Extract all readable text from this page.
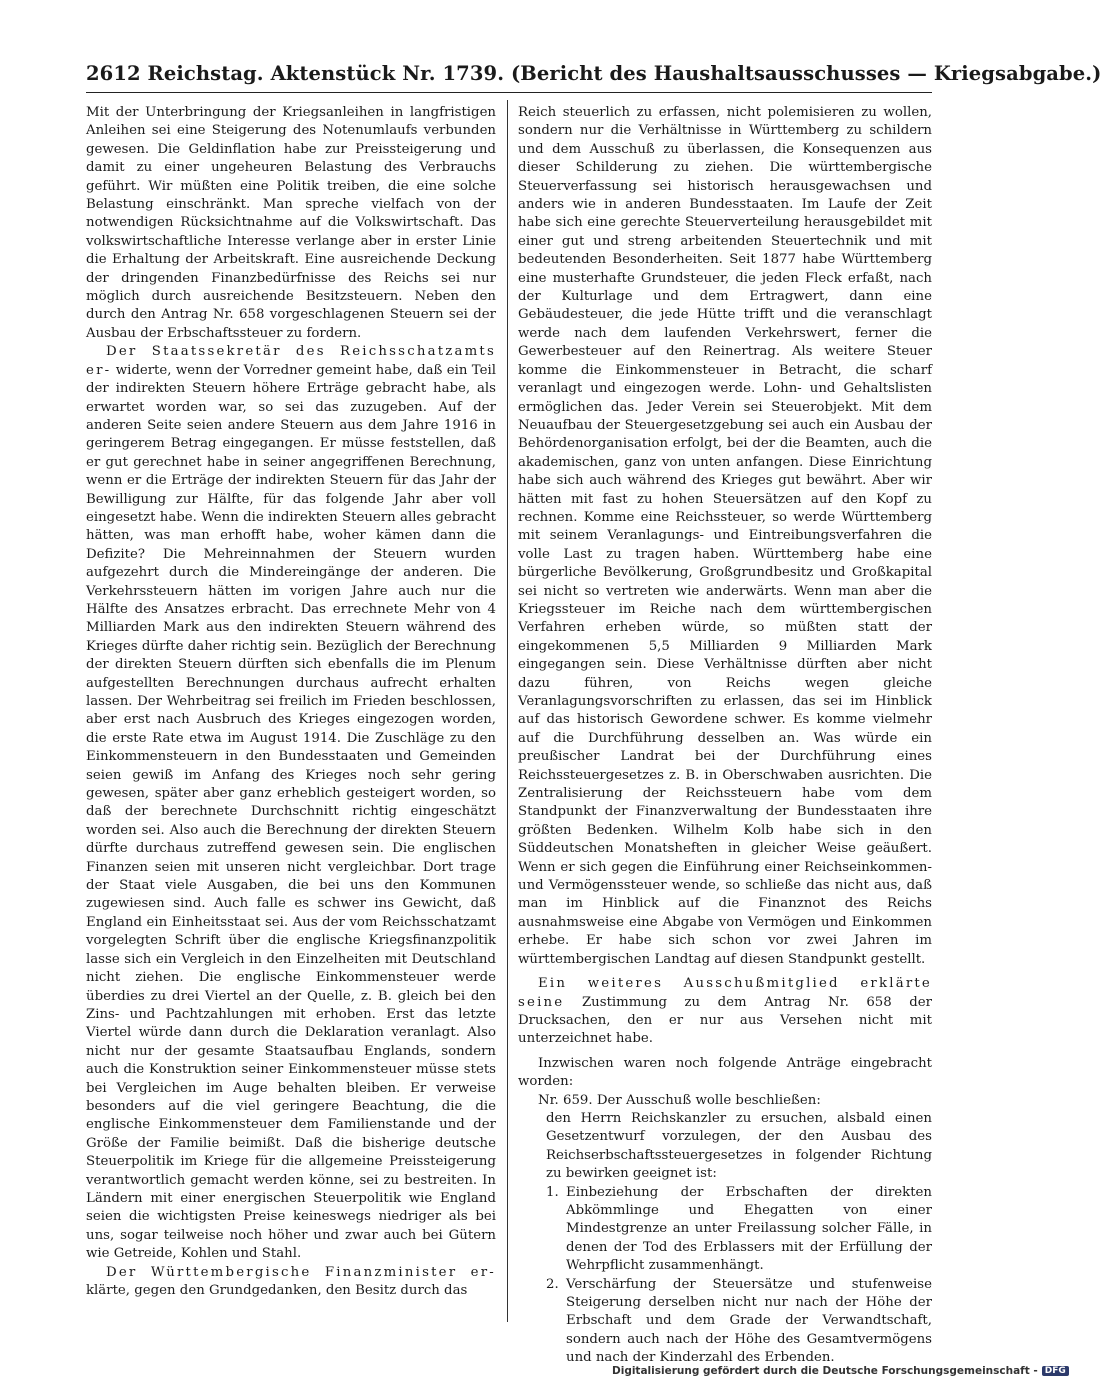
2612 Reichstag. Aktenstück Nr. 1739. (Bericht des Haushaltsausschusses — Kriegsabgabe.)

Mit der Unterbringung der Kriegsanleihen in langfristigen Anleihen sei eine Steigerung des Notenumlaufs verbunden gewesen. Die Geldinflation habe zur Preissteigerung und damit zu einer ungeheuren Belastung des Verbrauchs geführt. Wir müßten eine Politik treiben, die eine solche Belastung einschränkt. Man spreche vielfach von der notwendigen Rücksichtnahme auf die Volkswirtschaft. Das volkswirtschaftliche Interesse verlange aber in erster Linie die Erhaltung der Arbeitskraft. Eine ausreichende Deckung der dringenden Finanzbedürfnisse des Reichs sei nur möglich durch ausreichende Besitzsteuern. Neben den durch den Antrag Nr. 658 vorgeschlagenen Steuern sei der Ausbau der Erbschaftssteuer zu fordern.

Der Staatssekretär des Reichsschatzamts er- widerte, wenn der Vorredner gemeint habe, daß ein Teil der indirekten Steuern höhere Erträge gebracht habe, als erwartet worden war, so sei das zuzugeben. Auf der anderen Seite seien andere Steuern aus dem Jahre 1916 in geringerem Betrag eingegangen. Er müsse feststellen, daß er gut gerechnet habe in seiner angegriffenen Berechnung, wenn er die Erträge der indirekten Steuern für das Jahr der Bewilligung zur Hälfte, für das folgende Jahr aber voll eingesetzt habe. Wenn die indirekten Steuern alles gebracht hätten, was man erhofft habe, woher kämen dann die Defizite? Die Mehreinnahmen der Steuern wurden aufgezehrt durch die Mindereingänge der anderen. Die Verkehrssteuern hätten im vorigen Jahre auch nur die Hälfte des Ansatzes erbracht. Das errechnete Mehr von 4 Milliarden Mark aus den indirekten Steuern während des Krieges dürfte daher richtig sein. Bezüglich der Berechnung der direkten Steuern dürften sich ebenfalls die im Plenum aufgestellten Berechnungen durchaus aufrecht erhalten lassen. Der Wehrbeitrag sei freilich im Frieden beschlossen, aber erst nach Ausbruch des Krieges eingezogen worden, die erste Rate etwa im August 1914. Die Zuschläge zu den Einkommensteuern in den Bundesstaaten und Gemeinden seien gewiß im Anfang des Krieges noch sehr gering gewesen, später aber ganz erheblich gesteigert worden, so daß der berechnete Durchschnitt richtig eingeschätzt worden sei. Also auch die Berechnung der direkten Steuern dürfte durchaus zutreffend gewesen sein. Die englischen Finanzen seien mit unseren nicht vergleichbar. Dort trage der Staat viele Ausgaben, die bei uns den Kommunen zugewiesen sind. Auch falle es schwer ins Gewicht, daß England ein Einheitsstaat sei. Aus der vom Reichsschatzamt vorgelegten Schrift über die englische Kriegsfinanzpolitik lasse sich ein Vergleich in den Einzelheiten mit Deutschland nicht ziehen. Die englische Einkommensteuer werde überdies zu drei Viertel an der Quelle, z. B. gleich bei den Zins- und Pachtzahlungen mit erhoben. Erst das letzte Viertel würde dann durch die Deklaration veranlagt. Also nicht nur der gesamte Staatsaufbau Englands, sondern auch die Konstruktion seiner Einkommensteuer müsse stets bei Vergleichen im Auge behalten bleiben. Er verweise besonders auf die viel geringere Beachtung, die die englische Einkommensteuer dem Familienstande und der Größe der Familie beimißt. Daß die bisherige deutsche Steuerpolitik im Kriege für die allgemeine Preissteigerung verantwortlich gemacht werden könne, sei zu bestreiten. In Ländern mit einer energischen Steuerpolitik wie England seien die wichtigsten Preise keineswegs niedriger als bei uns, sogar teilweise noch höher und zwar auch bei Gütern wie Getreide, Kohlen und Stahl.

Der Württembergische Finanzminister er- klärte, gegen den Grundgedanken, den Besitz durch das

Reich steuerlich zu erfassen, nicht polemisieren zu wollen, sondern nur die Verhältnisse in Württemberg zu schildern und dem Ausschuß zu überlassen, die Konsequenzen aus dieser Schilderung zu ziehen. Die württembergische Steuerverfassung sei historisch herausgewachsen und anders wie in anderen Bundesstaaten. Im Laufe der Zeit habe sich eine gerechte Steuerverteilung herausgebildet mit einer gut und streng arbeitenden Steuertechnik und mit bedeutenden Besonderheiten. Seit 1877 habe Württemberg eine musterhafte Grundsteuer, die jeden Fleck erfaßt, nach der Kulturlage und dem Ertragwert, dann eine Gebäudesteuer, die jede Hütte trifft und die veranschlagt werde nach dem laufenden Verkehrswert, ferner die Gewerbesteuer auf den Reinertrag. Als weitere Steuer komme die Einkommensteuer in Betracht, die scharf veranlagt und eingezogen werde. Lohn- und Gehaltslisten ermöglichen das. Jeder Verein sei Steuerobjekt. Mit dem Neuaufbau der Steuergesetzgebung sei auch ein Ausbau der Behördenorganisation erfolgt, bei der die Beamten, auch die akademischen, ganz von unten anfangen. Diese Einrichtung habe sich auch während des Krieges gut bewährt. Aber wir hätten mit fast zu hohen Steuersätzen auf den Kopf zu rechnen. Komme eine Reichssteuer, so werde Württemberg mit seinem Veranlagungs- und Eintreibungsverfahren die volle Last zu tragen haben. Württemberg habe eine bürgerliche Bevölkerung, Großgrundbesitz und Großkapital sei nicht so vertreten wie anderwärts. Wenn man aber die Kriegssteuer im Reiche nach dem württembergischen Verfahren erheben würde, so müßten statt der eingekommenen 5,5 Milliarden 9 Milliarden Mark eingegangen sein. Diese Verhältnisse dürften aber nicht dazu führen, von Reichs wegen gleiche Veranlagungsvorschriften zu erlassen, das sei im Hinblick auf das historisch Gewordene schwer. Es komme vielmehr auf die Durchführung desselben an. Was würde ein preußischer Landrat bei der Durchführung eines Reichssteuergesetzes z. B. in Oberschwaben ausrichten. Die Zentralisierung der Reichssteuern habe vom dem Standpunkt der Finanzverwaltung der Bundesstaaten ihre größten Bedenken. Wilhelm Kolb habe sich in den Süddeutschen Monatsheften in gleicher Weise geäußert. Wenn er sich gegen die Einführung einer Reichseinkommen- und Vermögenssteuer wende, so schließe das nicht aus, daß man im Hinblick auf die Finanznot des Reichs ausnahmsweise eine Abgabe von Vermögen und Einkommen erhebe. Er habe sich schon vor zwei Jahren im württembergischen Landtag auf diesen Standpunkt gestellt.

Ein weiteres Ausschußmitglied erklärte seine Zustimmung zu dem Antrag Nr. 658 der Drucksachen, den er nur aus Versehen nicht mit unterzeichnet habe.

Inzwischen waren noch folgende Anträge eingebracht worden:

Nr. 659. Der Ausschuß wolle beschließen:

den Herrn Reichskanzler zu ersuchen, alsbald einen Gesetzentwurf vorzulegen, der den Ausbau des Reichserbschaftssteuergesetzes in folgender Richtung zu bewirken geeignet ist:

1. Einbeziehung der Erbschaften der direkten Abkömmlinge und Ehegatten von einer Mindestgrenze an unter Freilassung solcher Fälle, in denen der Tod des Erblassers mit der Erfüllung der Wehrpflicht zusammenhängt.
2. Verschärfung der Steuersätze und stufenweise Steigerung derselben nicht nur nach der Höhe der Erbschaft und dem Grade der Verwandtschaft, sondern auch nach der Höhe des Gesamtvermögens und nach der Kinderzahl des Erbenden.
Digitalisierung gefördert durch die Deutsche Forschungsgemeinschaft - DFG
